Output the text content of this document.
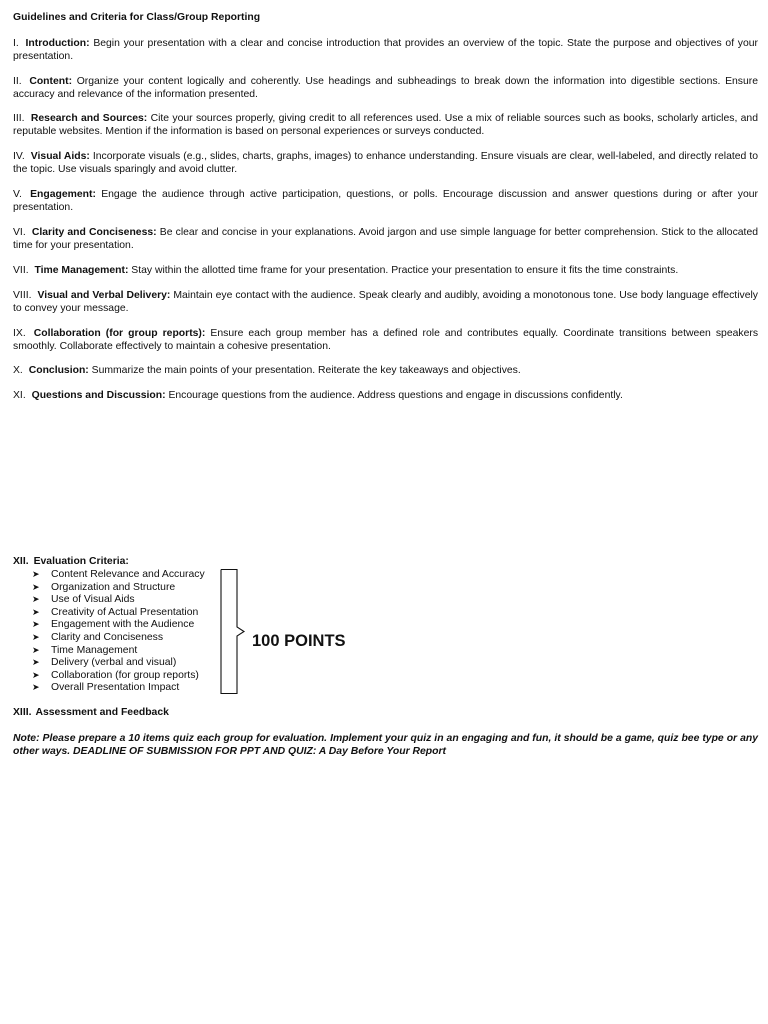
Guidelines and Criteria for Class/Group Reporting
I. Introduction: Begin your presentation with a clear and concise introduction that provides an overview of the topic. State the purpose and objectives of your presentation.
II. Content: Organize your content logically and coherently. Use headings and subheadings to break down the information into digestible sections. Ensure accuracy and relevance of the information presented.
III. Research and Sources: Cite your sources properly, giving credit to all references used. Use a mix of reliable sources such as books, scholarly articles, and reputable websites. Mention if the information is based on personal experiences or surveys conducted.
IV. Visual Aids: Incorporate visuals (e.g., slides, charts, graphs, images) to enhance understanding. Ensure visuals are clear, well-labeled, and directly related to the topic. Use visuals sparingly and avoid clutter.
V. Engagement: Engage the audience through active participation, questions, or polls. Encourage discussion and answer questions during or after your presentation.
VI. Clarity and Conciseness: Be clear and concise in your explanations. Avoid jargon and use simple language for better comprehension. Stick to the allocated time for your presentation.
VII. Time Management: Stay within the allotted time frame for your presentation. Practice your presentation to ensure it fits the time constraints.
VIII. Visual and Verbal Delivery: Maintain eye contact with the audience. Speak clearly and audibly, avoiding a monotonous tone. Use body language effectively to convey your message.
IX. Collaboration (for group reports): Ensure each group member has a defined role and contributes equally. Coordinate transitions between speakers smoothly. Collaborate effectively to maintain a cohesive presentation.
X. Conclusion: Summarize the main points of your presentation. Reiterate the key takeaways and objectives.
XI. Questions and Discussion: Encourage questions from the audience. Address questions and engage in discussions confidently.
XII. Evaluation Criteria:
➤ Content Relevance and Accuracy
➤ Organization and Structure
➤ Use of Visual Aids
➤ Creativity of Actual Presentation
➤ Engagement with the Audience
➤ Clarity and Conciseness
➤ Time Management
➤ Delivery (verbal and visual)
➤ Collaboration (for group reports)
➤ Overall Presentation Impact
100 POINTS
XIII. Assessment and Feedback
Note: Please prepare a 10 items quiz each group for evaluation. Implement your quiz in an engaging and fun, it should be a game, quiz bee type or any other ways. DEADLINE OF SUBMISSION FOR PPT AND QUIZ: A Day Before Your Report
